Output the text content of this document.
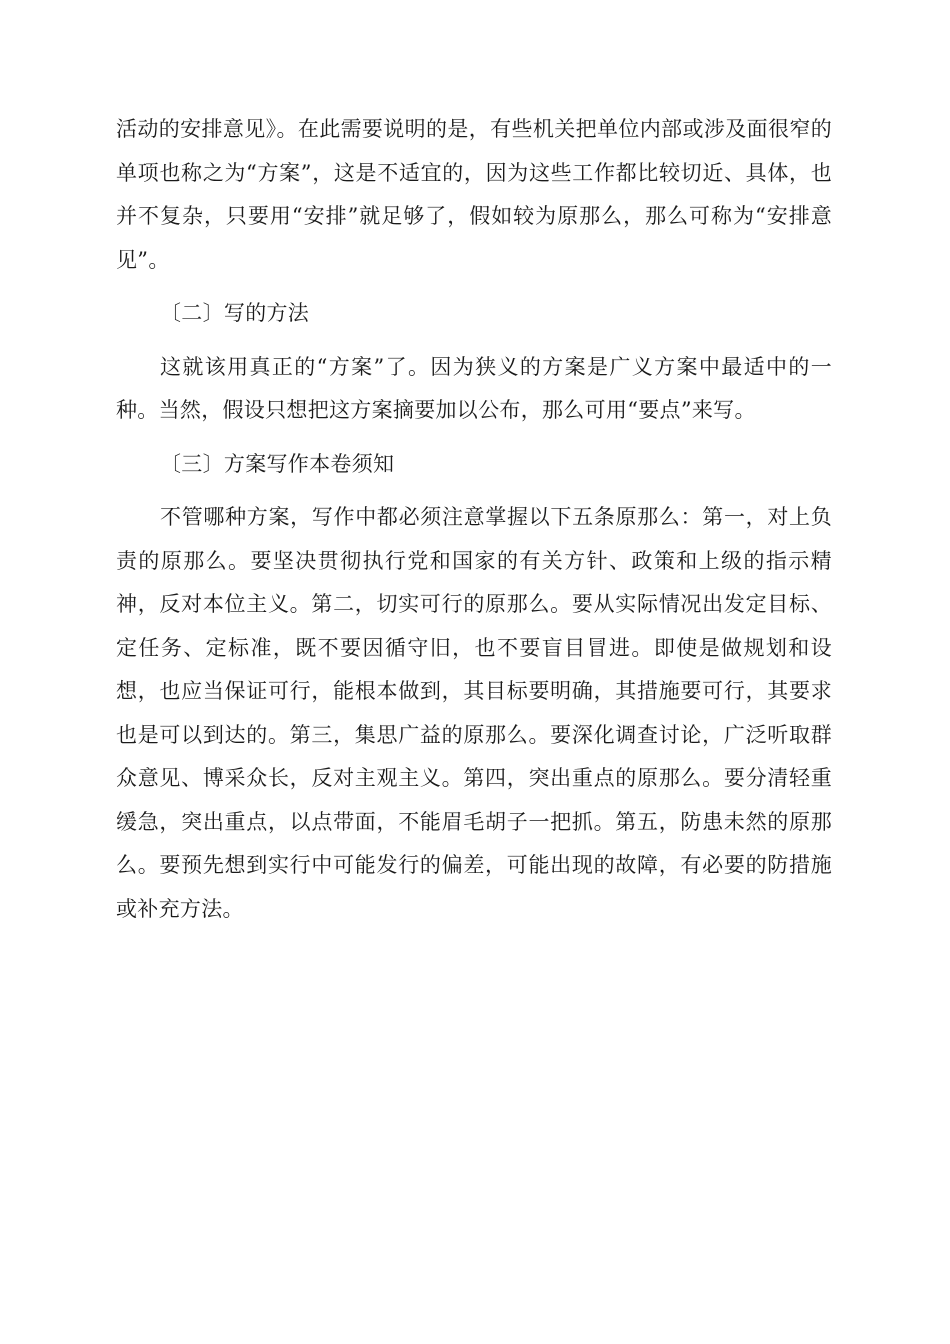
活动的安排意见》。在此需要说明的是，有些机关把单位内部或涉及面很窄的单项也称之为“方案”，这是不适宜的，因为这些工作都比较切近、具体，也并不复杂，只要用“安排”就足够了，假如较为原那么，那么可称为“安排意见”。

〔二〕写的方法

这就该用真正的“方案”了。因为狭义的方案是广义方案中最适中的一种。当然，假设只想把这方案摘要加以公布，那么可用“要点”来写。

〔三〕方案写作本卷须知

不管哪种方案，写作中都必须注意掌握以下五条原那么：第一，对上负责的原那么。要坚决贯彻执行党和国家的有关方针、政策和上级的指示精神，反对本位主义。第二，切实可行的原那么。要从实际情况出发定目标、定任务、定标准，既不要因循守旧，也不要盲目冒进。即使是做规划和设想，也应当保证可行，能根本做到，其目标要明确，其措施要可行，其要求也是可以到达的。第三，集思广益的原那么。要深化调查讨论，广泛听取群众意见、博采众长，反对主观主义。第四，突出重点的原那么。要分清轻重缓急，突出重点，以点带面，不能眉毛胡子一把抓。第五，防患未然的原那么。要预先想到实行中可能发行的偏差，可能出现的故障，有必要的防措施或补充方法。
